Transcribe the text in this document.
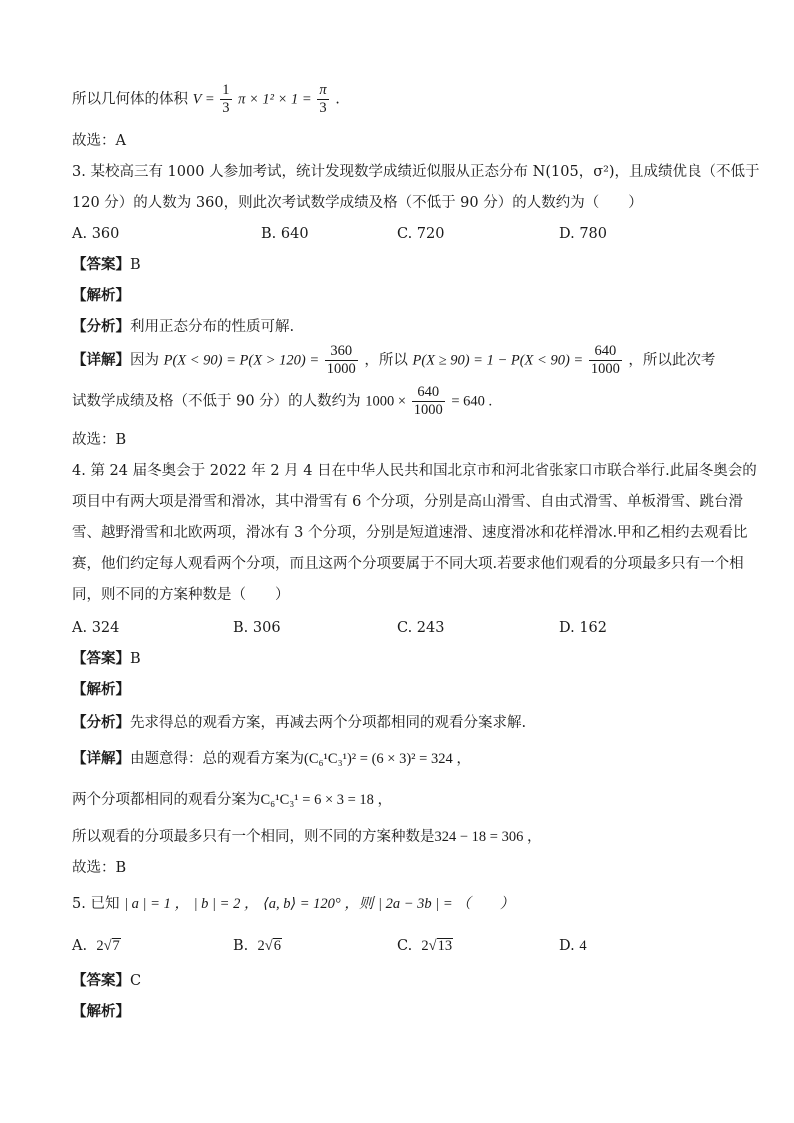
所以几何体的体积 $V = \frac{1}{3}$ $\pi \times 1^2 \times 1 = \frac{\pi}{3}$ .
故选：A
3. 某校高三有 1000 人参加考试，统计发现数学成绩近似服从正态分布 N(105，σ²)，且成绩优良（不低于
120 分）的人数为 360，则此次考试数学成绩及格（不低于 90 分）的人数约为（　　）
A. 360	B. 640	C. 720	D. 780
【答案】B
【解析】
【分析】利用正态分布的性质可解.
【详解】因为 $P(X < 90) = P(X > 120) = \frac{360}{1000}$ ，所以 $P(X \ge 90) = 1 - P(X < 90) = \frac{640}{1000}$ ，所以此次考
试数学成绩及格（不低于 90 分）的人数约为 $1000 \times \frac{640}{1000} = 640$ .
故选：B
4. 第 24 届冬奥会于 2022 年 2 月 4 日在中华人民共和国北京市和河北省张家口市联合举行.此届冬奥会的
项目中有两大项是滑雪和滑冰，其中滑雪有 6 个分项，分别是高山滑雪、自由式滑雪、单板滑雪、跳台滑
雪、越野滑雪和北欧两项，滑冰有 3 个分项，分别是短道速滑、速度滑冰和花样滑冰.甲和乙相约去观看比
赛，他们约定每人观看两个分项，而且这两个分项要属于不同大项.若要求他们观看的分项最多只有一个相
同，则不同的方案种数是（　　）
A. 324	B. 306	C. 243	D. 162
【答案】B
【解析】
【分析】先求得总的观看方案，再减去两个分项都相同的观看分案求解.
【详解】由题意得：总的观看方案为(C₆¹C₃¹)² = (6 × 3)² = 324 ，
两个分项都相同的观看分案为C₆¹C₃¹ = 6 × 3 = 18 ，
所以观看的分项最多只有一个相同，则不同的方案种数是324 − 18 = 306 ，
故选：B
5. 已知 | a | = 1 ， | b | = 2 ， ⟨a, b⟩ = 120° ，则 | 2a − 3b | = （　　）
A. 2√7	B. 2√6	C. 2√13	D. 4
【答案】C
【解析】
